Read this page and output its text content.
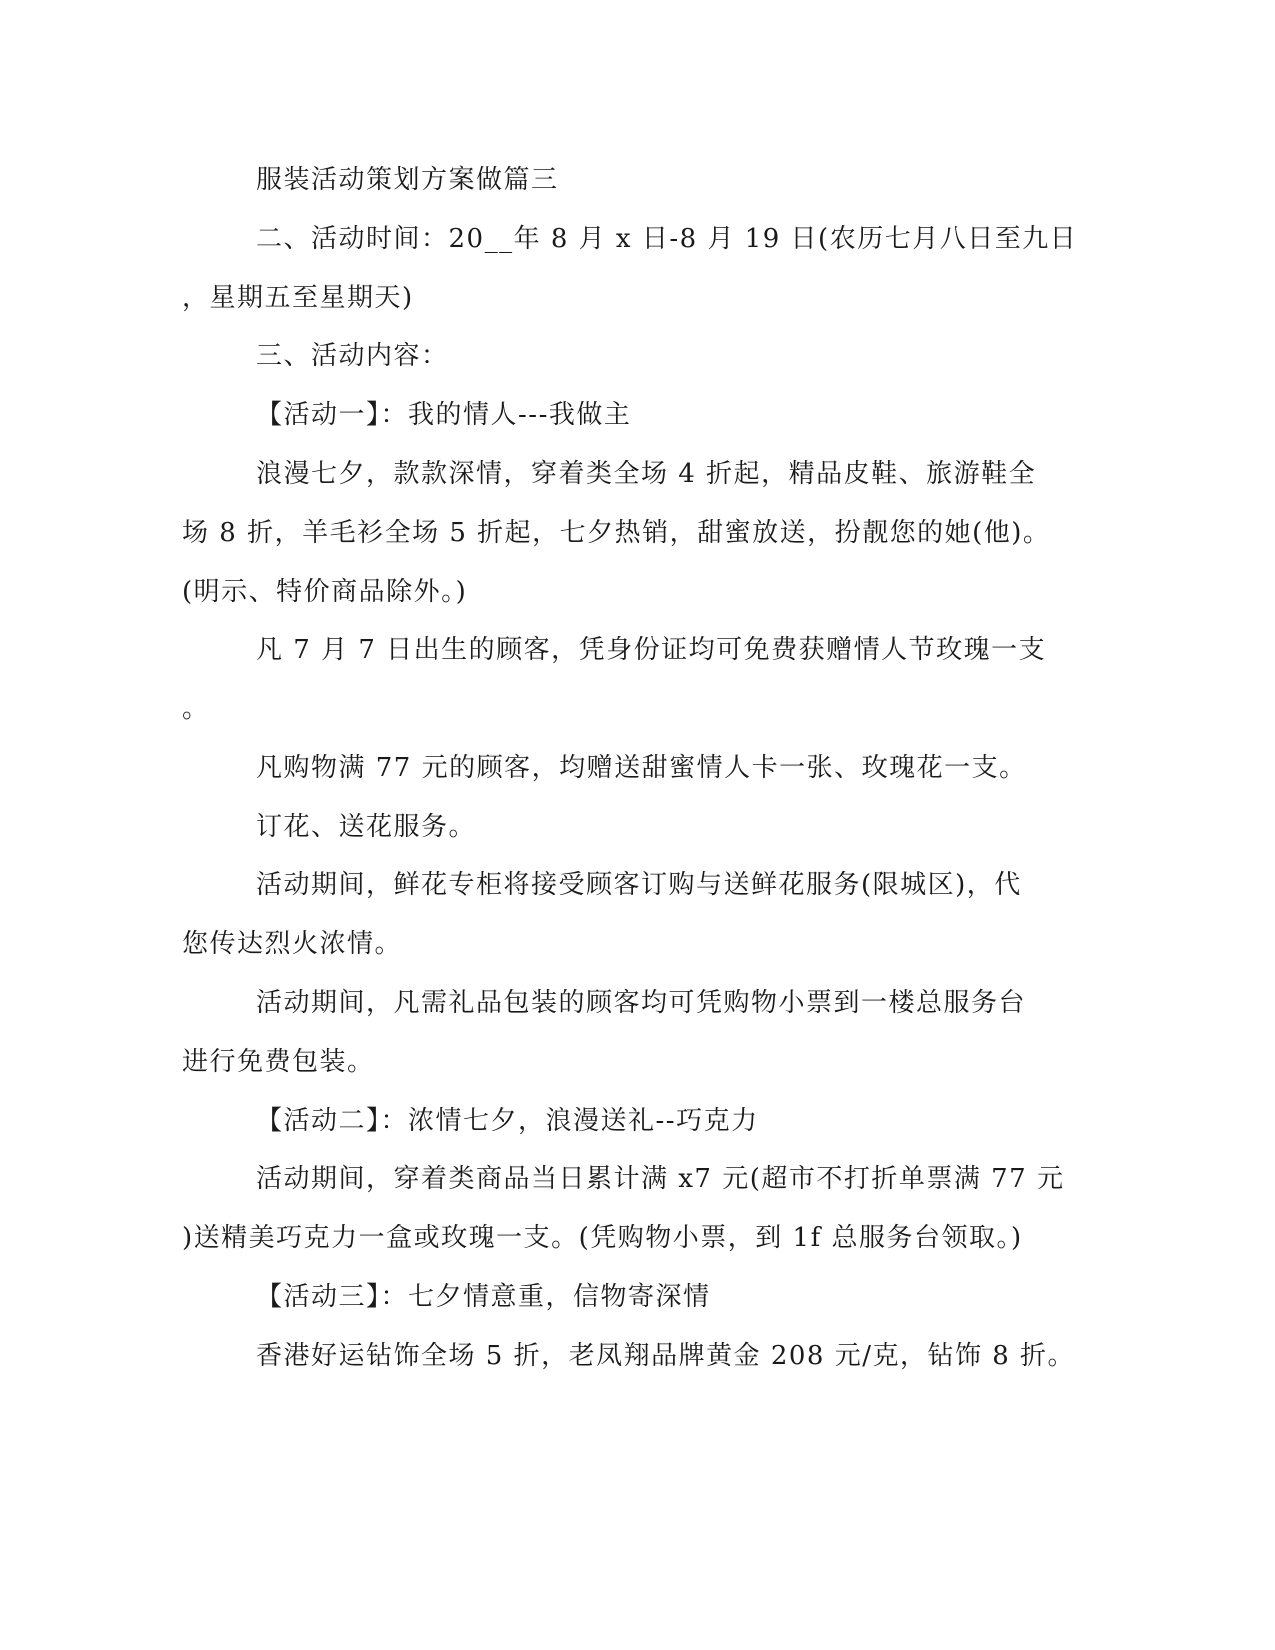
服装活动策划方案做篇三
二、活动时间：20__年 8 月 x 日-8 月 19 日(农历七月八日至九日
，星期五至星期天)
三、活动内容：
【活动一】：我的情人---我做主
浪漫七夕，款款深情，穿着类全场 4 折起，精品皮鞋、旅游鞋全
场 8 折，羊毛衫全场 5 折起，七夕热销，甜蜜放送，扮靓您的她(他)。
(明示、特价商品除外。)
凡 7 月 7 日出生的顾客，凭身份证均可免费获赠情人节玫瑰一支
。
凡购物满 77 元的顾客，均赠送甜蜜情人卡一张、玫瑰花一支。
订花、送花服务。
活动期间，鲜花专柜将接受顾客订购与送鲜花服务(限城区)，代
您传达烈火浓情。
活动期间，凡需礼品包装的顾客均可凭购物小票到一楼总服务台
进行免费包装。
【活动二】：浓情七夕，浪漫送礼--巧克力
活动期间，穿着类商品当日累计满 x7 元(超市不打折单票满 77 元
)送精美巧克力一盒或玫瑰一支。(凭购物小票，到 1f 总服务台领取。)
【活动三】：七夕情意重，信物寄深情
香港好运钻饰全场 5 折，老凤翔品牌黄金 208 元/克，钻饰 8 折。
